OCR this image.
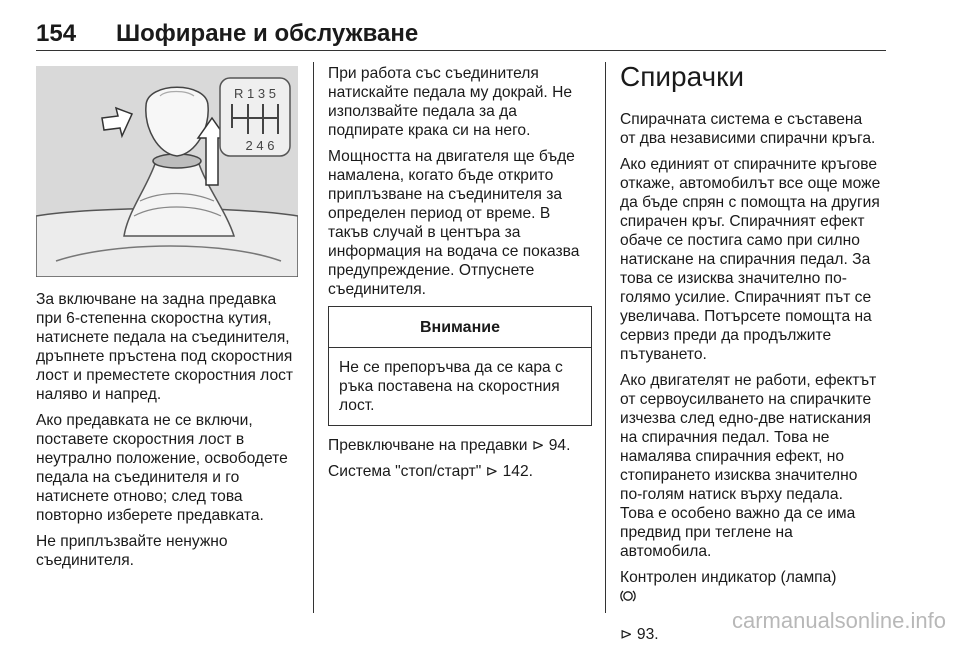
154 Шофиране и обслужване
R 1 3 5
2 4 6

За включване на задна предавка
при 6-степенна скоростна кутия,
натиснете педала на съединителя,
дръпнете пръстена под скоростния
лост и преместете скоростния лост
наляво и напред.

Ако предавката не се включи,
поставете скоростния лост в
неутрално положение, освободете
педала на съединителя и го
натиснете отново; след това
повторно изберете предавката.

Не приплъзвайте ненужно
съединителя.

При работа със съединителя
натискайте педала му докрай. Не
използвайте педала за да
подпирате крака си на него.

Мощността на двигателя ще бъде
намалена, когато бъде открито
приплъзване на съединителя за
определен период от време. В
такъв случай в центъра за
информация на водача се показва
предупреждение. Отпуснете
съединителя.

Внимание
Не се препоръчва да се кара с
ръка поставена на скоростния
лост.

Превключване на предавки ⊳ 94.

Система "стоп/старт" ⊳ 142.

Спирачки

Спирачната система е съставена
от два независими спирачни кръга.

Ако единият от спирачните кръгове
откаже, автомобилът все още може
да бъде спрян с помощта на другия
спирачен кръг. Спирачният ефект
обаче се постига само при силно
натискане на спирачния педал. За
това се изисква значително по-
голямо усилие. Спирачният път се
увеличава. Потърсете помощта на
сервиз преди да продължите
пътуването.

Ако двигателят не работи, ефектът
от сервоусилването на спирачките
изчезва след едно-две натискания
на спирачния педал. Това не
намалява спирачния ефект, но
стопирането изисква значително
по-голям натиск върху педала.
Това е особено важно да се има
предвид при теглене на
автомобила.

Контролен индикатор (лампа)

⊳ 93.

carmanualsonline.info
